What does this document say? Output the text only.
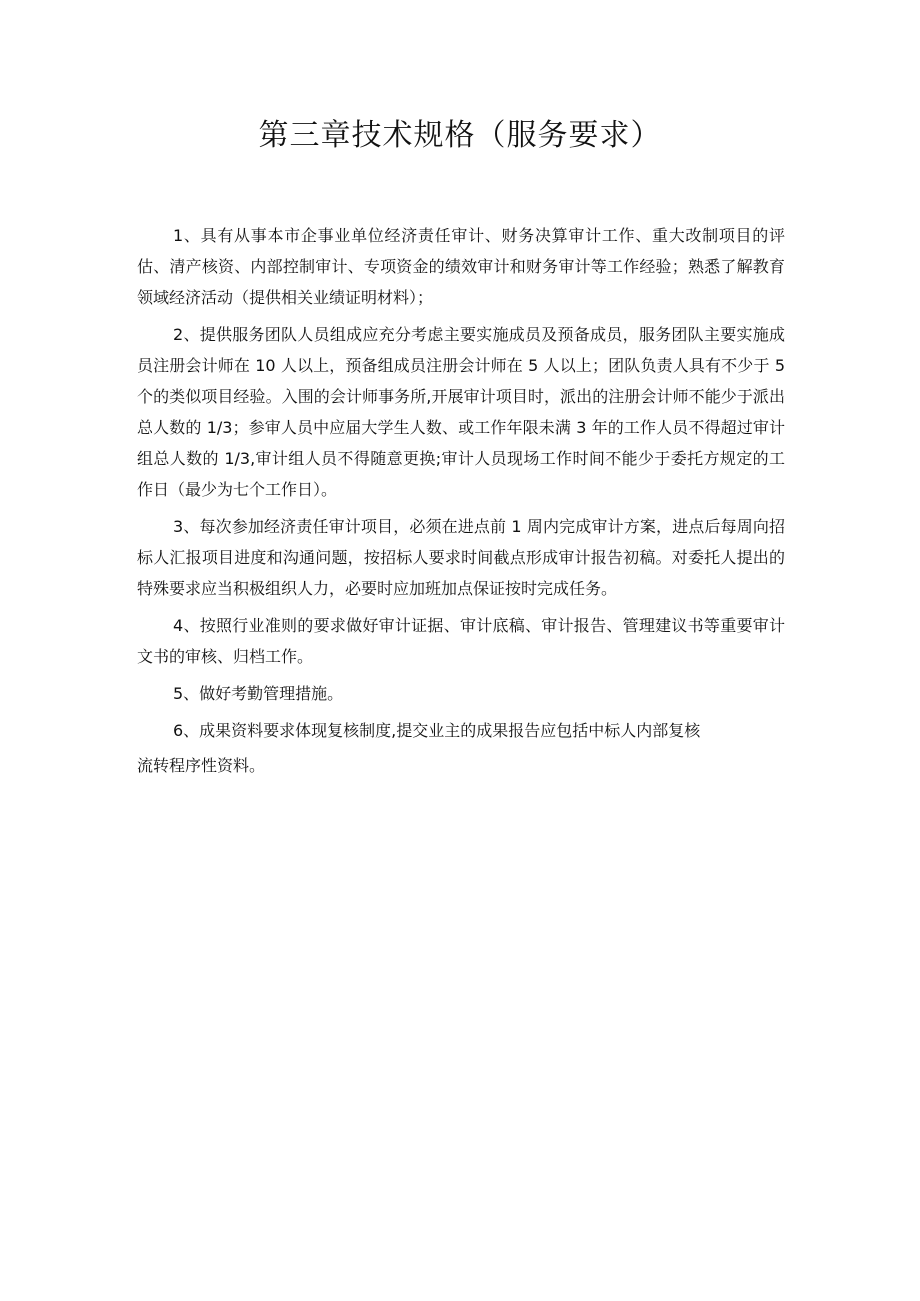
第三章技术规格（服务要求）

1、具有从事本市企事业单位经济责任审计、财务决算审计工作、重大改制项目的评估、清产核资、内部控制审计、专项资金的绩效审计和财务审计等工作经验；熟悉了解教育领域经济活动（提供相关业绩证明材料）；

2、提供服务团队人员组成应充分考虑主要实施成员及预备成员，服务团队主要实施成员注册会计师在 10 人以上，预备组成员注册会计师在 5 人以上；团队负责人具有不少于 5 个的类似项目经验。入围的会计师事务所,开展审计项目时，派出的注册会计师不能少于派出总人数的 1/3；参审人员中应届大学生人数、或工作年限未满 3 年的工作人员不得超过审计组总人数的 1/3,审计组人员不得随意更换;审计人员现场工作时间不能少于委托方规定的工作日（最少为七个工作日）。

3、每次参加经济责任审计项目，必须在进点前 1 周内完成审计方案，进点后每周向招标人汇报项目进度和沟通问题，按招标人要求时间截点形成审计报告初稿。对委托人提出的特殊要求应当积极组织人力，必要时应加班加点保证按时完成任务。

4、按照行业准则的要求做好审计证据、审计底稿、审计报告、管理建议书等重要审计文书的审核、归档工作。

5、做好考勤管理措施。

6、成果资料要求体现复核制度,提交业主的成果报告应包括中标人内部复核

流转程序性资料。
